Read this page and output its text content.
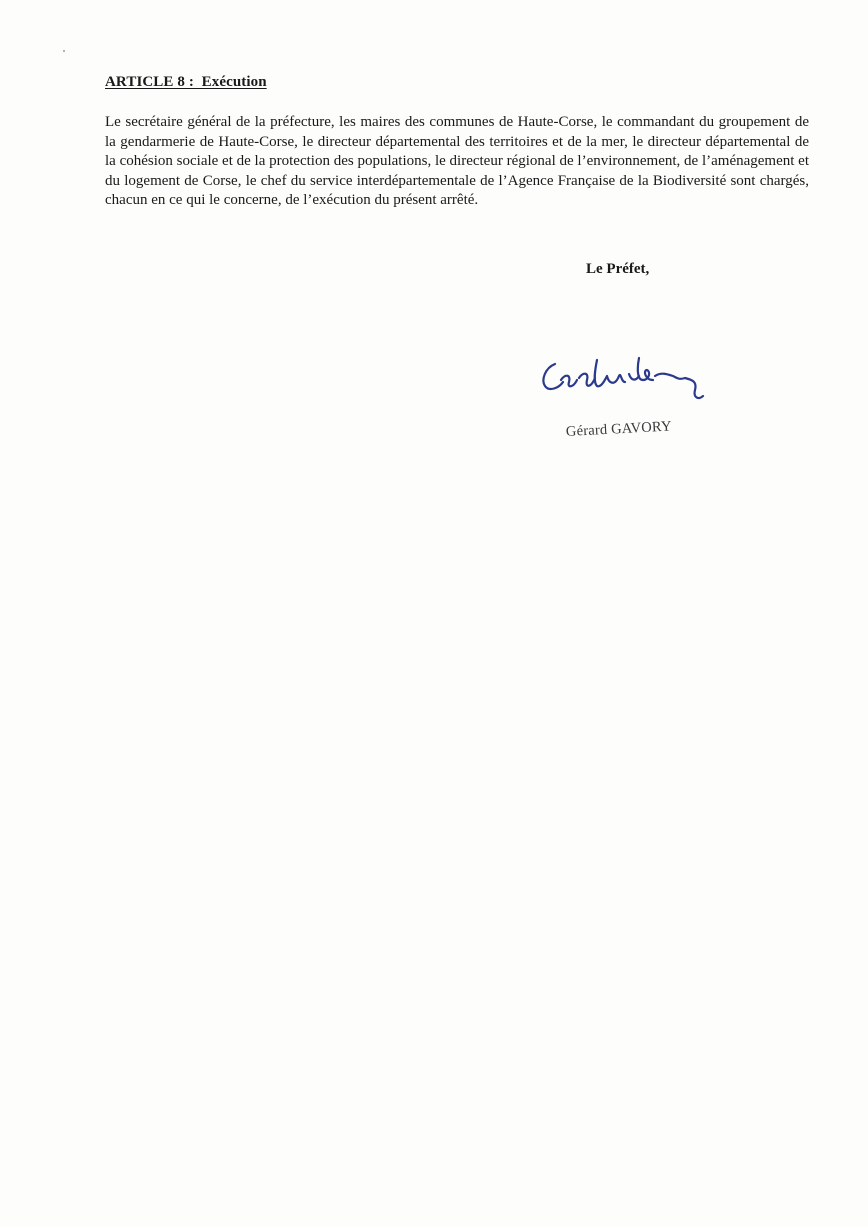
ARTICLE 8 :  Exécution
Le secrétaire général de la préfecture, les maires des communes de Haute-Corse, le commandant du groupement de la gendarmerie de Haute-Corse, le directeur départemental des territoires et de la mer, le directeur départemental de la cohésion sociale et de la protection des populations, le directeur régional de l’environnement, de l’aménagement et du logement de Corse, le chef du service interdépartementale de l’Agence Française de la Biodiversité sont chargés, chacun en ce qui le concerne, de l’exécution du présent arrêté.
Le Préfet,
Gérard GAVORY
